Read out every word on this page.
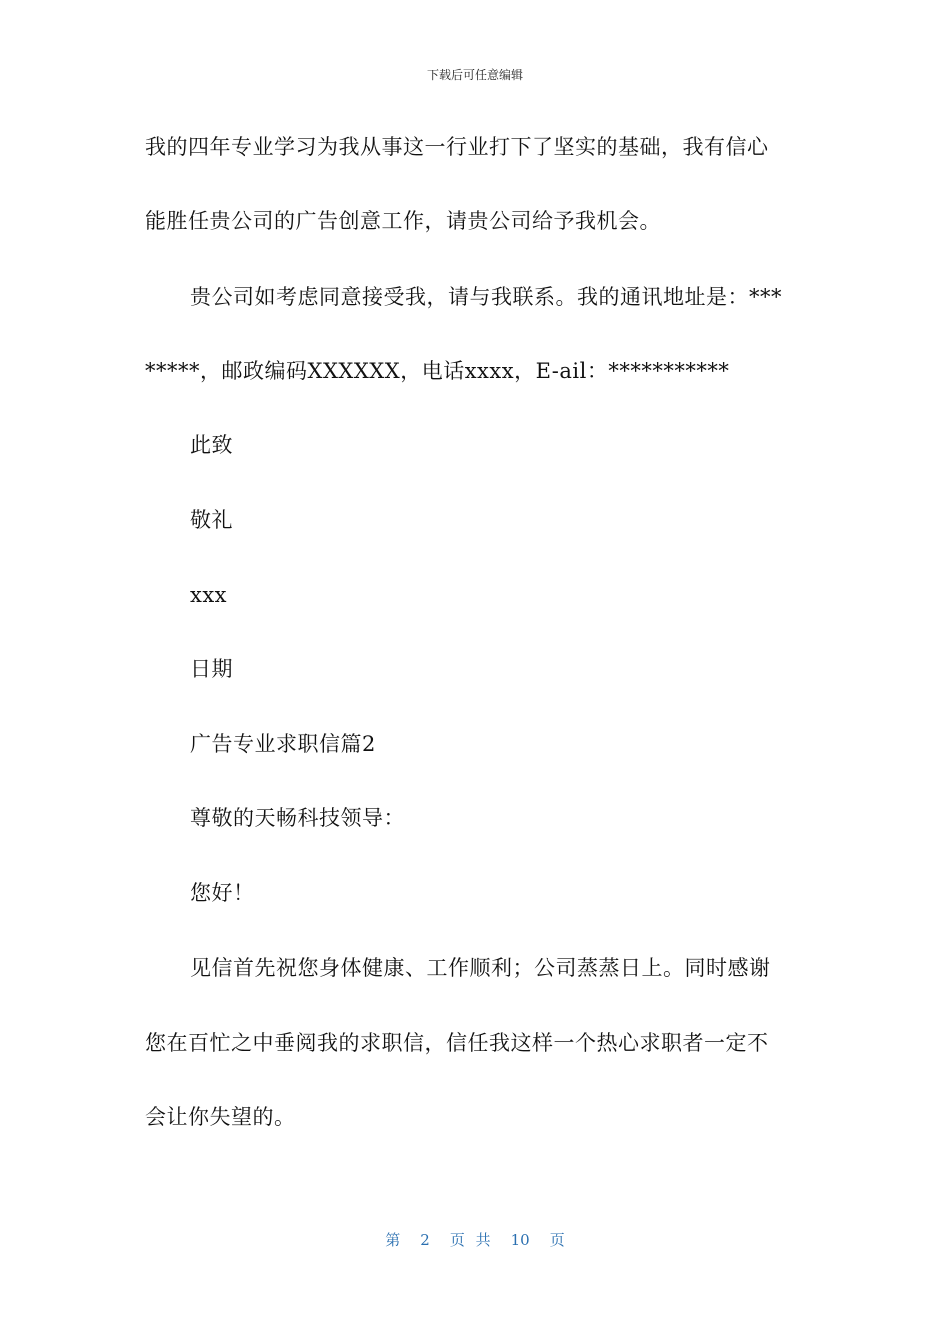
下载后可任意编辑
我的四年专业学习为我从事这一行业打下了坚实的基础，我有信心
能胜任贵公司的广告创意工作，请贵公司给予我机会。
贵公司如考虑同意接受我，请与我联系。我的通讯地址是：***
*****，邮政编码XXXXXX，电话xxxx，E-ail：***********
此致
敬礼
xxx
日期
广告专业求职信篇2
尊敬的天畅科技领导：
您好！
见信首先祝您身体健康、工作顺利；公司蒸蒸日上。同时感谢
您在百忙之中垂阅我的求职信，信任我这样一个热心求职者一定不
会让你失望的。
第 2 页 共 10 页
